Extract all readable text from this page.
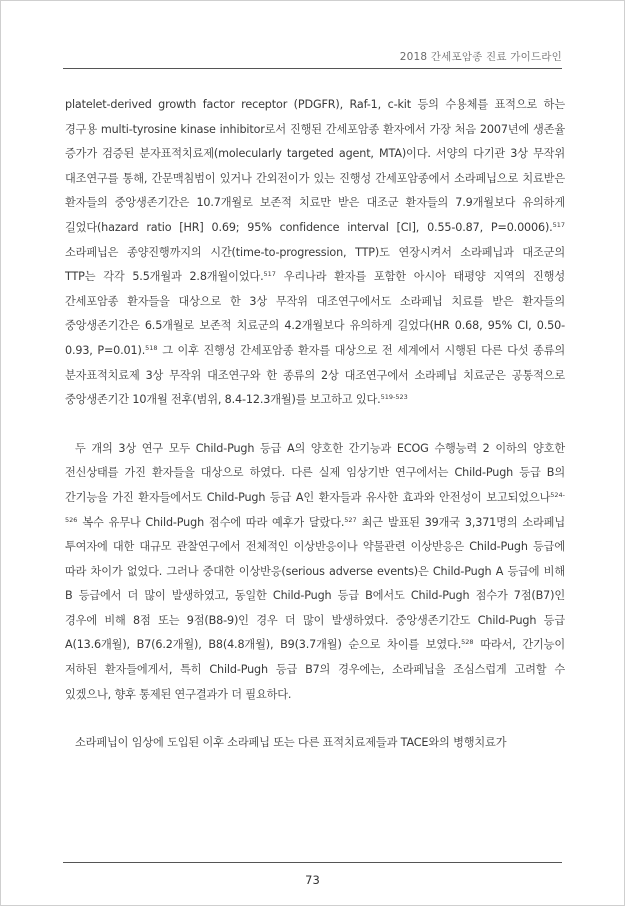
2018 간세포암종 진료 가이드라인

platelet-derived growth factor receptor (PDGFR), Raf-1, c-kit 등의 수용체를 표적으로 하는 경구용 multi-tyrosine kinase inhibitor로서 진행된 간세포암종 환자에서 가장 처음 2007년에 생존율 증가가 검증된 분자표적치료제(molecularly targeted agent, MTA)이다. 서양의 다기관 3상 무작위 대조연구를 통해, 간문맥침범이 있거나 간외전이가 있는 진행성 간세포암종에서 소라페닙으로 치료받은 환자들의 중앙생존기간은 10.7개월로 보존적 치료만 받은 대조군 환자들의 7.9개월보다 유의하게 길었다(hazard ratio [HR] 0.69; 95% confidence interval [CI], 0.55-0.87, P=0.0006).$^{517}$ 소라페닙은 종양진행까지의 시간(time-to-progression, TTP)도 연장시켜서 소라페닙과 대조군의 TTP는 각각 5.5개월과 2.8개월이었다.$^{517}$ 우리나라 환자를 포함한 아시아 태평양 지역의 진행성 간세포암종 환자들을 대상으로 한 3상 무작위 대조연구에서도 소라페닙 치료를 받은 환자들의 중앙생존기간은 6.5개월로 보존적 치료군의 4.2개월보다 유의하게 길었다(HR 0.68, 95% CI, 0.50-0.93, P=0.01).$^{518}$ 그 이후 진행성 간세포암종 환자를 대상으로 전 세계에서 시행된 다른 다섯 종류의 분자표적치료제 3상 무작위 대조연구와 한 종류의 2상 대조연구에서 소라페닙 치료군은 공통적으로 중앙생존기간 10개월 전후(범위, 8.4-12.3개월)를 보고하고 있다.$^{519-523}$

두 개의 3상 연구 모두 Child-Pugh 등급 A의 양호한 간기능과 ECOG 수행능력 2 이하의 양호한 전신상태를 가진 환자들을 대상으로 하였다. 다른 실제 임상기반 연구에서는 Child-Pugh 등급 B의 간기능을 가진 환자들에서도 Child-Pugh 등급 A인 환자들과 유사한 효과와 안전성이 보고되었으나$^{524-526}$ 복수 유무나 Child-Pugh 점수에 따라 예후가 달랐다.$^{527}$ 최근 발표된 39개국 3,371명의 소라페닙 투여자에 대한 대규모 관찰연구에서 전체적인 이상반응이나 약물관련 이상반응은 Child-Pugh 등급에 따라 차이가 없었다. 그러나 중대한 이상반응(serious adverse events)은 Child-Pugh A 등급에 비해 B 등급에서 더 많이 발생하였고, 동일한 Child-Pugh 등급 B에서도 Child-Pugh 점수가 7점(B7)인 경우에 비해 8점 또는 9점(B8-9)인 경우 더 많이 발생하였다. 중앙생존기간도 Child-Pugh 등급 A(13.6개월), B7(6.2개월), B8(4.8개월), B9(3.7개월) 순으로 차이를 보였다.$^{528}$ 따라서, 간기능이 저하된 환자들에게서, 특히 Child-Pugh 등급 B7의 경우에는, 소라페닙을 조심스럽게 고려할 수 있겠으나, 향후 통제된 연구결과가 더 필요하다.

소라페닙이 임상에 도입된 이후 소라페닙 또는 다른 표적치료제들과 TACE와의 병행치료가

73
